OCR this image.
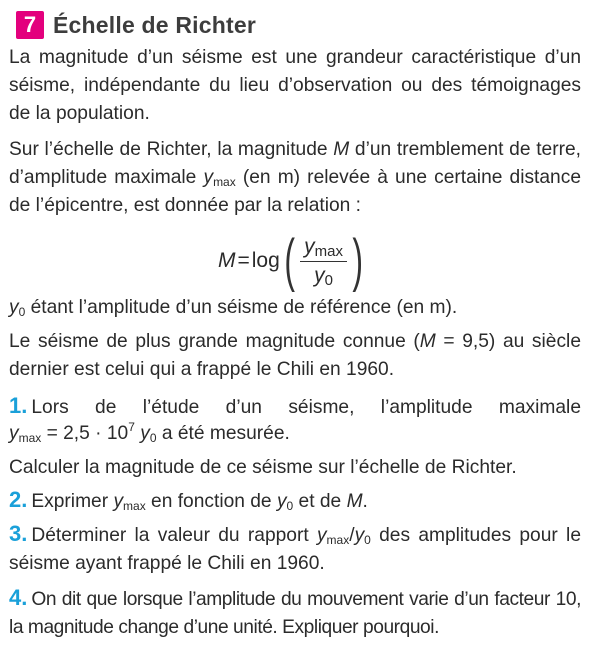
7 Échelle de Richter
La magnitude d’un séisme est une grandeur caractéristique d’un séisme, indépendante du lieu d’observation ou des témoignages de la population.
Sur l’échelle de Richter, la magnitude M d’un tremblement de terre, d’amplitude maximale $y_{max}$ (en m) relevée à une certaine distance de l’épicentre, est donnée par la relation :
M = log ( $\frac{y_{max}}{y_0}$ )
$y_0$ étant l’amplitude d’un séisme de référence (en m).
Le séisme de plus grande magnitude connue (M = 9,5) au siècle dernier est celui qui a frappé le Chili en 1960.
1. Lors de l’étude d’un séisme, l’amplitude maximale
$y_{max} = 2,5 \cdot 10^7$ $y_0$ a été mesurée.
Calculer la magnitude de ce séisme sur l’échelle de Richter.
2. Exprimer $y_{max}$ en fonction de $y_0$ et de M.
3. Déterminer la valeur du rapport $y_{max}/y_0$ des amplitudes pour le séisme ayant frappé le Chili en 1960.
4. On dit que lorsque l’amplitude du mouvement varie d’un facteur 10, la magnitude change d’une unité. Expliquer pourquoi.
